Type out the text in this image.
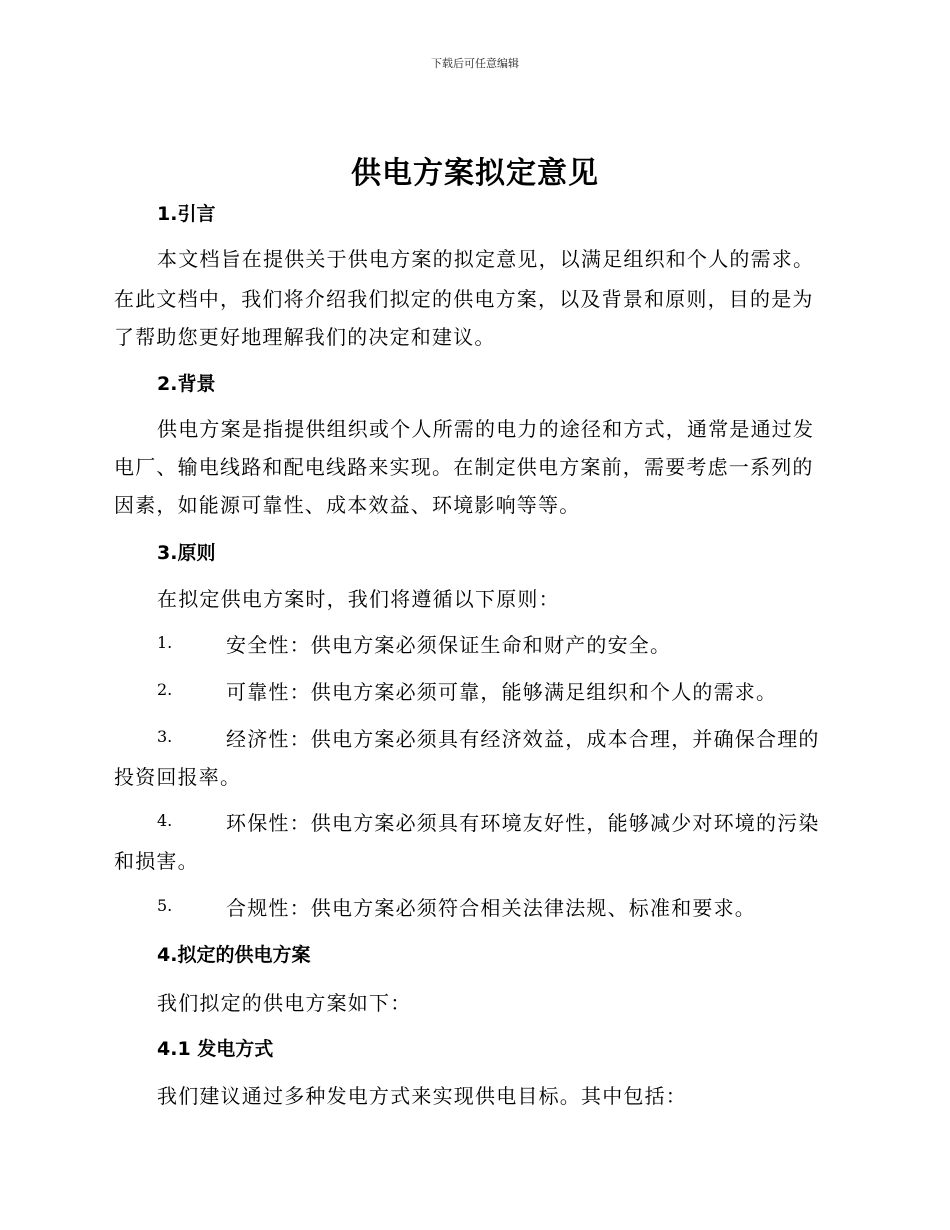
下载后可任意编辑
供电方案拟定意见
1.引言
本文档旨在提供关于供电方案的拟定意见，以满足组织和个人的需求。
在此文档中，我们将介绍我们拟定的供电方案，以及背景和原则，目的是为
了帮助您更好地理解我们的决定和建议。
2.背景
供电方案是指提供组织或个人所需的电力的途径和方式，通常是通过发
电厂、输电线路和配电线路来实现。在制定供电方案前，需要考虑一系列的
因素，如能源可靠性、成本效益、环境影响等等。
3.原则
在拟定供电方案时，我们将遵循以下原则：
1.	安全性：供电方案必须保证生命和财产的安全。
2.	可靠性：供电方案必须可靠，能够满足组织和个人的需求。
3.	经济性：供电方案必须具有经济效益，成本合理，并确保合理的
投资回报率。
4.	环保性：供电方案必须具有环境友好性，能够减少对环境的污染
和损害。
5.	合规性：供电方案必须符合相关法律法规、标准和要求。
4.拟定的供电方案
我们拟定的供电方案如下：
4.1 发电方式
我们建议通过多种发电方式来实现供电目标。其中包括：
